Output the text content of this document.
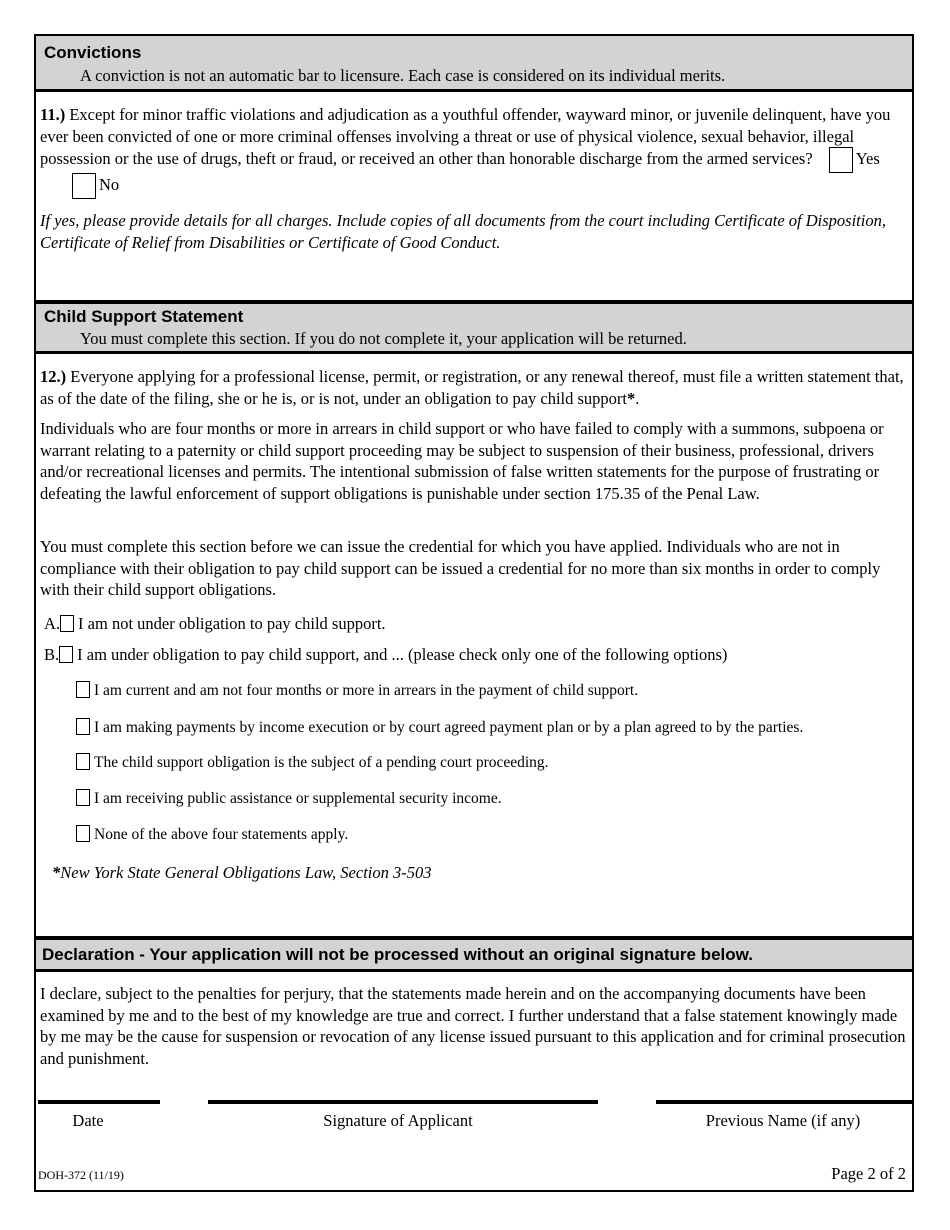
Convictions
A conviction is not an automatic bar to licensure. Each case is considered on its individual merits.
11.) Except for minor traffic violations and adjudication as a youthful offender, wayward minor, or juvenile delinquent, have you ever been convicted of one or more criminal offenses involving a threat or use of physical violence, sexual behavior, illegal possession or the use of drugs, theft or fraud, or received an other than honorable discharge from the armed services?	Yes No
If yes, please provide details for all charges. Include copies of all documents from the court including Certificate of Disposition, Certificate of Relief from Disabilities or Certificate of Good Conduct.
Child Support Statement
You must complete this section. If you do not complete it, your application will be returned.
12.) Everyone applying for a professional license, permit, or registration, or any renewal thereof, must file a written statement that, as of the date of the filing, she or he is, or is not, under an obligation to pay child support*.
Individuals who are four months or more in arrears in child support or who have failed to comply with a summons, subpoena or warrant relating to a paternity or child support proceeding may be subject to suspension of their business, professional, drivers and/or recreational licenses and permits. The intentional submission of false written statements for the purpose of frustrating or defeating the lawful enforcement of support obligations is punishable under section 175.35 of the Penal Law.
You must complete this section before we can issue the credential for which you have applied. Individuals who are not in compliance with their obligation to pay child support can be issued a credential for no more than six months in order to comply with their child support obligations.
A. I am not under obligation to pay child support.
B. I am under obligation to pay child support, and ... (please check only one of the following options)
I am current and am not four months or more in arrears in the payment of child support.
I am making payments by income execution or by court agreed payment plan or by a plan agreed to by the parties.
The child support obligation is the subject of a pending court proceeding.
I am receiving public assistance or supplemental security income.
None of the above four statements apply.
*New York State General Obligations Law, Section 3-503
Declaration - Your application will not be processed without an original signature below.
I declare, subject to the penalties for perjury, that the statements made herein and on the accompanying documents have been examined by me and to the best of my knowledge are true and correct. I further understand that a false statement knowingly made by me may be the cause for suspension or revocation of any license issued pursuant to this application and for criminal prosecution and punishment.
Date	Signature of Applicant	Previous Name (if any)
DOH-372 (11/19)	Page 2 of 2
